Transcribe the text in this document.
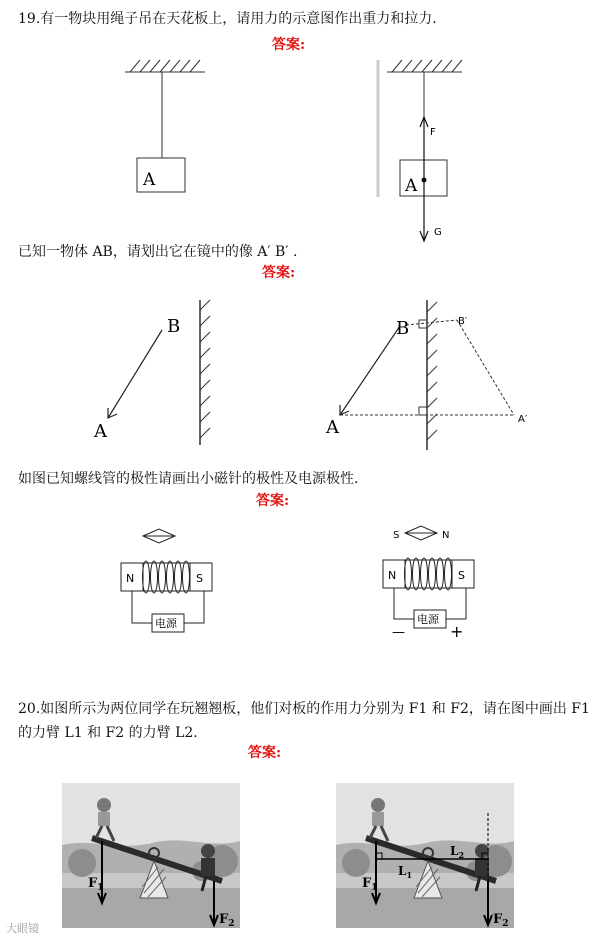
19.有一物块用绳子吊在天花板上，请用力的示意图作出重力和拉力.
答案:
A	A
F
G
已知一物体 AB，请划出它在镜中的像 A′ B′ .
答案:
B
A
B
A
B′
A′
如图已知螺线管的极性请画出小磁针的极性及电源极性.
答案:
N	S
电源
S	N
N	S
电源
—	+
20.如图所示为两位同学在玩翘翘板，他们对板的作用力分别为 F1 和 F2，请在图中画出 F1
的力臂 L1 和 F2 的力臂 L2.
答案:
$F_1$
$F_2$
$L_1$
$L_2$
$F_1$
$F_2$
大眼镜
